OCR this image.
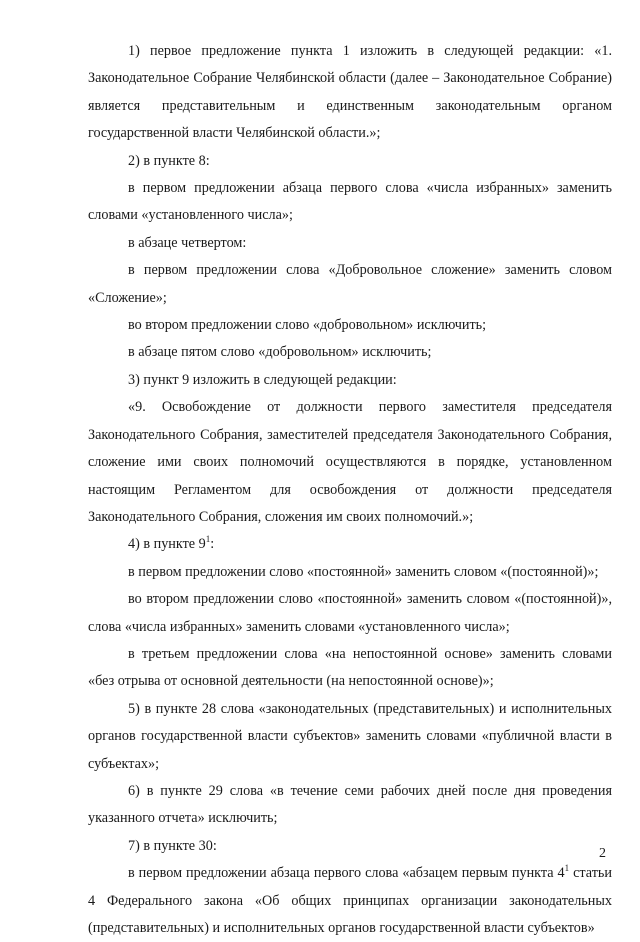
1) первое предложение пункта 1 изложить в следующей редакции: «1. Законодательное Собрание Челябинской области (далее – Законодательное Собрание) является представительным и единственным законодательным органом государственной власти Челябинской области.»;

2) в пункте 8:

в первом предложении абзаца первого слова «числа избранных» заменить словами «установленного числа»;

в абзаце четвертом:

в первом предложении слова «Добровольное сложение» заменить словом «Сложение»;

во втором предложении слово «добровольном» исключить;

в абзаце пятом слово «добровольном» исключить;

3) пункт 9 изложить в следующей редакции:

«9. Освобождение от должности первого заместителя председателя Законодательного Собрания, заместителей председателя Законодательного Собрания, сложение ими своих полномочий осуществляются в порядке, установленном настоящим Регламентом для освобождения от должности председателя Законодательного Собрания, сложения им своих полномочий.»;

4) в пункте $9^1$:

в первом предложении слово «постоянной» заменить словом «(постоянной)»;

во втором предложении слово «постоянной» заменить словом «(постоянной)», слова «числа избранных» заменить словами «установленного числа»;

в третьем предложении слова «на непостоянной основе» заменить словами «без отрыва от основной деятельности (на непостоянной основе)»;

5) в пункте 28 слова «законодательных (представительных) и исполнительных органов государственной власти субъектов» заменить словами «публичной власти в субъектах»;

6) в пункте 29 слова «в течение семи рабочих дней после дня проведения указанного отчета» исключить;

7) в пункте 30:

в первом предложении абзаца первого слова «абзацем первым пункта $4^1$ статьи 4 Федерального закона «Об общих принципах организации законодательных (представительных) и исполнительных органов государственной власти субъектов»

2
